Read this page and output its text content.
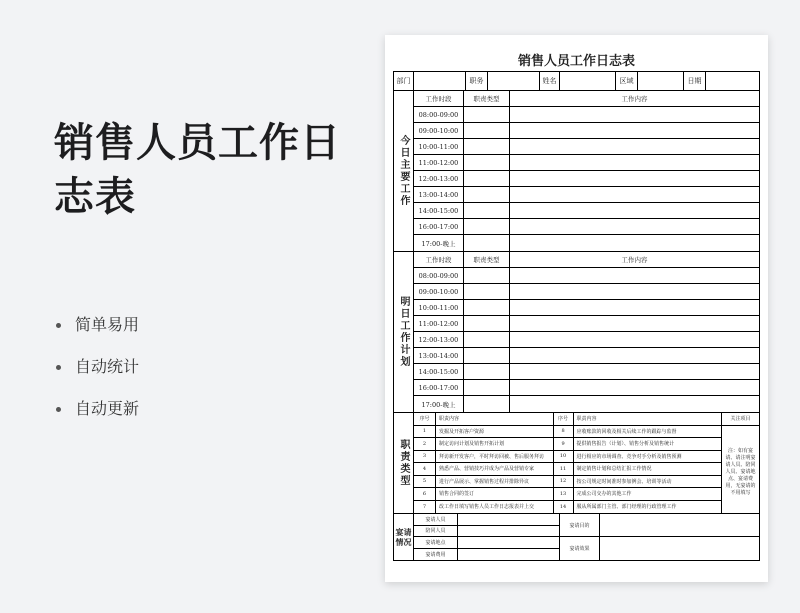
销售人员工作日志表
简单易用
自动统计
自动更新
销售人员工作日志表
部门	职务	姓名	区域	日期
今日主要工作
工作时段	职责类型	工作内容
08:00-09:00
09:00-10:00
10:00-11:00
11:00-12:00
12:00-13:00
13:00-14:00
14:00-15:00
16:00-17:00
17:00-晚上
明日工作计划
工作时段	职责类型	工作内容
08:00-09:00
09:00-10:00
10:00-11:00
11:00-12:00
12:00-13:00
13:00-14:00
14:00-15:00
16:00-17:00
17:00-晚上
职责类型
序号	职责内容	序号	职责内容
1	发掘及开拓客户资源	8	应收账款的回收及相关后续工作的跟踪与监督
2	制定访问计划及销售开拓计划	9	提供销售报告（计划）、销售分析及销售统计
3	拜访新开发客户，平时拜访回被、售后服务拜访	10	进行相应的市场调查、竞争对手分析及销售预测
4	熟悉产品、营销技巧并成为产品及营销专家	11	制定销售计划和总结汇报工作情况
5	进行产品展示、掌握销售过程并排除异议	12	按公司规定时间准时参加例会、培训等活动
6	销售合同的签订	13	完成公司交办的其他工作
7	改工作日填写销售人员工作日志报表并上交	14	服从所属部门主管、部门经理的行政管理工作
关注项目
注：如有宴请、请注明宴请人员、陪同人员、宴请地点、宴请费用，无宴请的不用填写
宴请情况
宴请人员
陪同人员
宴请地点
宴请费用
宴请目的
宴请效果
